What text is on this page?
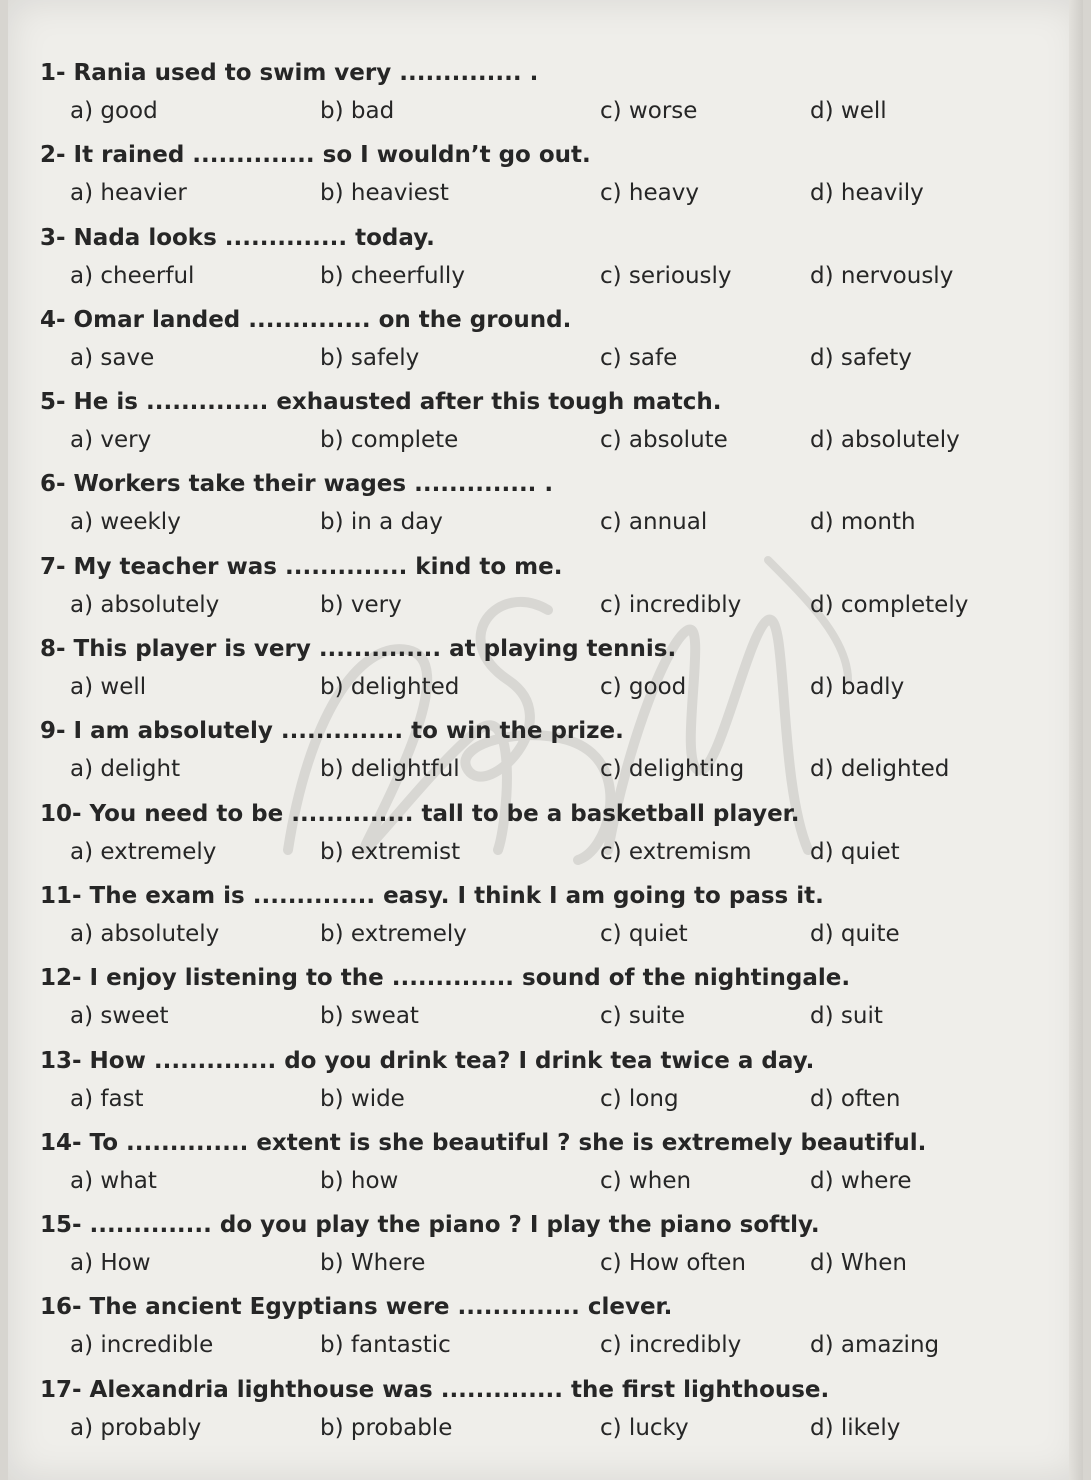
1- Rania used to swim very .............. .
a) good	b) bad	c) worse	d) well
2- It rained .............. so I wouldn’t go out.
a) heavier	b) heaviest	c) heavy	d) heavily
3- Nada looks .............. today.
a) cheerful	b) cheerfully	c) seriously	d) nervously
4- Omar landed .............. on the ground.
a) save	b) safely	c) safe	d) safety
5- He is .............. exhausted after this tough match.
a) very	b) complete	c) absolute	d) absolutely
6- Workers take their wages .............. .
a) weekly	b) in a day	c) annual	d) month
7- My teacher was .............. kind to me.
a) absolutely	b) very	c) incredibly	d) completely
8- This player is very .............. at playing tennis.
a) well	b) delighted	c) good	d) badly
9- I am absolutely .............. to win the prize.
a) delight	b) delightful	c) delighting	d) delighted
10- You need to be .............. tall to be a basketball player.
a) extremely	b) extremist	c) extremism	d) quiet
11- The exam is .............. easy. I think I am going to pass it.
a) absolutely	b) extremely	c) quiet	d) quite
12- I enjoy listening to the .............. sound of the nightingale.
a) sweet	b) sweat	c) suite	d) suit
13- How .............. do you drink tea? I drink tea twice a day.
a) fast	b) wide	c) long	d) often
14- To .............. extent is she beautiful ? she is extremely beautiful.
a) what	b) how	c) when	d) where
15- .............. do you play the piano ? I play the piano softly.
a) How	b) Where	c) How often	d) When
16- The ancient Egyptians were .............. clever.
a) incredible	b) fantastic	c) incredibly	d) amazing
17- Alexandria lighthouse was .............. the first lighthouse.
a) probably	b) probable	c) lucky	d) likely
